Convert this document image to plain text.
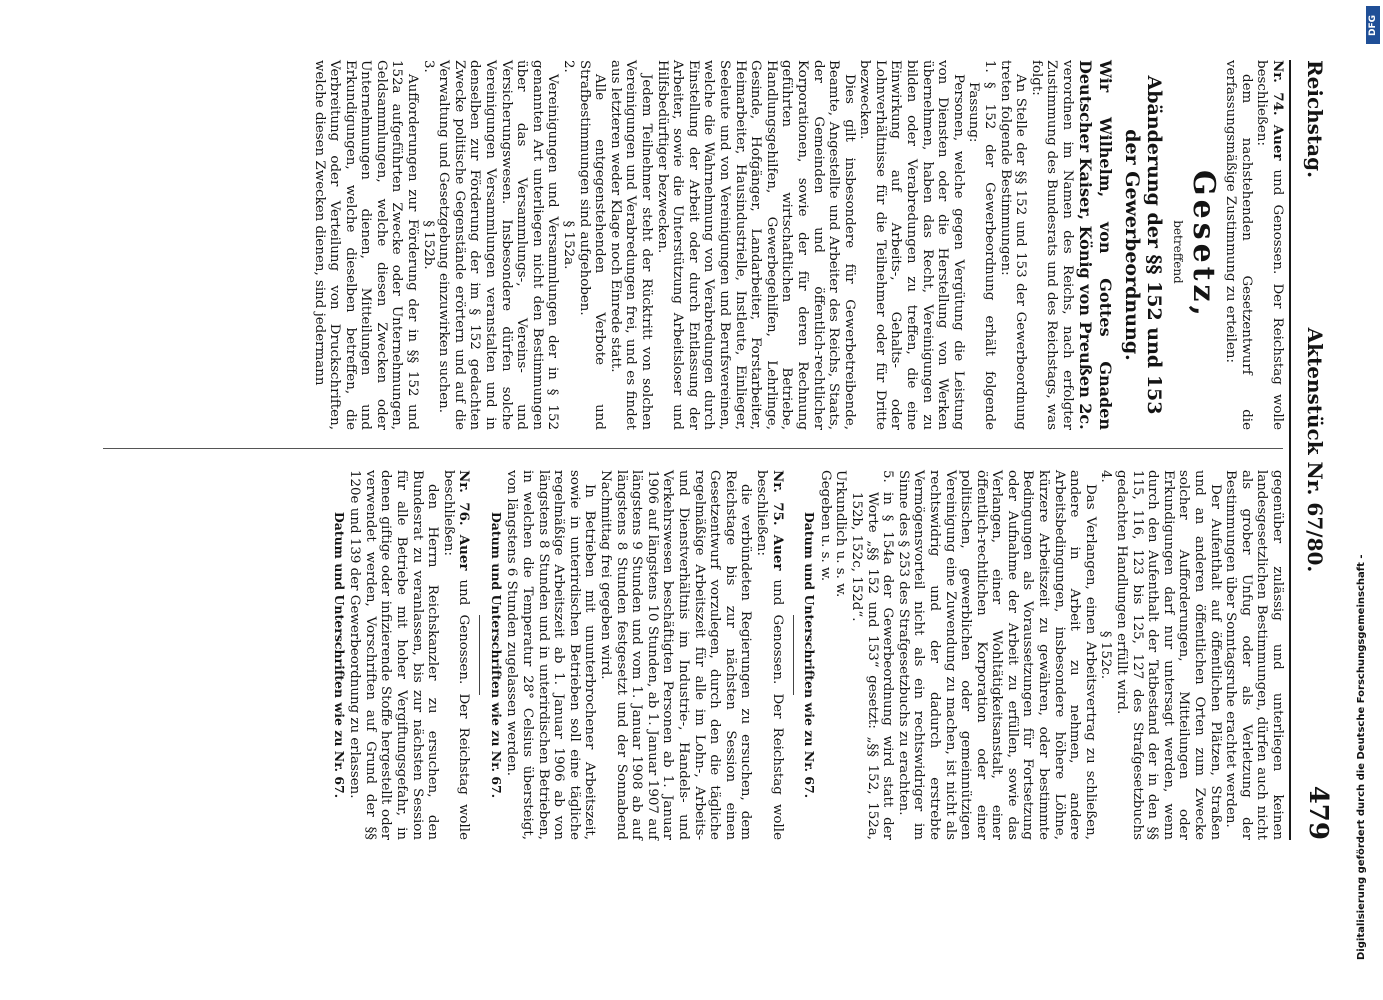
Reichstag.
Aktenstück Nr. 67/80.
479

Nr. 74. Auer und Genossen. Der Reichstag wolle beschließen:

dem nachstehenden Gesetzentwurf die verfassungsmäßige Zustimmung zu erteilen:

Gesetz,

betreffend

Abänderung der §§ 152 und 153 der Gewerbeordnung.

Wir Wilhelm, von Gottes Gnaden Deutscher Kaiser, König von Preußen 2c.

verordnen im Namen des Reichs, nach erfolgter Zustimmung des Bundesrats und des Reichstags, was folgt:

An Stelle der §§ 152 und 153 der Gewerbeordnung treten folgende Bestimmungen:

1.
§ 152 der Gewerbeordnung erhält folgende Fassung:

Personen, welche gegen Vergütung die Leistung von Diensten oder die Herstellung von Werken übernehmen, haben das Recht, Vereinigungen zu bilden oder Verabredungen zu treffen, die eine Einwirkung auf Arbeits-, Gehalts- oder Lohnverhältnisse für die Teilnehmer oder für Dritte bezwecken.

Dies gilt insbesondere für Gewerbetreibende, Beamte, Angestellte und Arbeiter des Reichs, Staats, der Gemeinden und öffentlich-rechtlicher Korporationen, sowie der für deren Rechnung geführten wirtschaftlichen Betriebe, Handlungsgehilfen, Gewerbegehilfen, Lehrlinge, Gesinde, Hofgänger, Landarbeiter, Forstarbeiter, Heimarbeiter, Hausindustrielle, Instleute, Einlieger, Seeleute und von Vereinigungen und Berufsvereinen, welche die Wahrnehmung von Verabredungen durch Einstellung der Arbeit oder durch Entlassung der Arbeiter, sowie die Unterstützung Arbeitsloser und Hilfsbedürftiger bezwecken.

Jedem Teilnehmer steht der Rücktritt von solchen Vereinigungen und Verabredungen frei, und es findet aus letzteren weder Klage noch Einrede statt.

Alle entgegenstehenden Verbote und Strafbestimmungen sind aufgehoben.

2.

§ 152a.

Vereinigungen und Versammlungen der in § 152 genannten Art unterliegen nicht den Bestimmungen über das Versammlungs-, Vereins- und Versicherungswesen. Insbesondere dürfen solche Vereinigungen Versammlungen veranstalten und in denselben zur Förderung der im § 152 gedachten Zwecke politische Gegenstände erörtern und auf die Verwaltung und Gesetzgebung einzuwirken suchen.

3.

§ 152b.

Aufforderungen zur Förderung der in §§ 152 und 152a aufgeführten Zwecke oder Unternehmungen, Geldsammlungen, welche diesen Zwecken oder Unternehmungen dienen, Mitteilungen und Erkundigungen, welche dieselben betreffen, die Verbreitung oder Verteilung von Druckschriften, welche diesen Zwecken dienen, sind jedermann

gegenüber zulässig und unterliegen keinen landesgesetzlichen Bestimmungen, dürfen auch nicht als grober Unfug oder als Verletzung der Bestimmungen über Sonntagsruhe erachtet werden.

Der Aufenthalt auf öffentlichen Plätzen, Straßen und an anderen öffentlichen Orten zum Zwecke solcher Aufforderungen, Mitteilungen oder Erkundigungen darf nur untersagt werden, wenn durch den Aufenthalt der Tatbestand der in den §§ 115, 116, 123 bis 125, 127 des Strafgesetzbuchs gedachten Handlungen erfüllt wird.

4.

§ 152c.

Das Verlangen, einen Arbeitsvertrag zu schließen, andere in Arbeit zu nehmen, andere Arbeitsbedingungen, insbesondere höhere Löhne, kürzere Arbeitszeit zu gewähren, oder bestimmte Bedingungen als Voraussetzungen für Fortsetzung oder Aufnahme der Arbeit zu erfüllen, sowie das Verlangen, einer Wohltätigkeitsanstalt, einer öffentlich-rechtlichen Korporation oder einer politischen, gewerblichen oder gemeinnützigen Vereinigung eine Zuwendung zu machen, ist nicht als rechtswidrig und der dadurch erstrebte Vermögensvorteil nicht als ein rechtswidriger im Sinne des § 253 des Strafgesetzbuchs zu erachten.

5.
in § 154a der Gewerbeordnung wird statt der Worte „§§ 152 und 153“ gesetzt: „§§ 152, 152a, 152b, 152c, 152d“.

Urkundlich u. s. w.

Gegeben u. s. w.

Datum und Unterschriften wie zu Nr. 67.

Nr. 75. Auer und Genossen. Der Reichstag wolle beschließen:

die verbündeten Regierungen zu ersuchen, dem Reichstage bis zur nächsten Session einen Gesetzentwurf vorzulegen, durch den die tägliche regelmäßige Arbeitszeit für alle im Lohn-, Arbeits- und Dienstverhältnis im Industrie-, Handels- und Verkehrswesen beschäftigten Personen ab 1. Januar 1906 auf längstens 10 Stunden, ab 1. Januar 1907 auf längstens 9 Stunden und vom 1. Januar 1908 ab auf längstens 8 Stunden festgesetzt und der Sonnabend Nachmittag frei gegeben wird.

In Betrieben mit ununterbrochener Arbeitszeit, sowie in unterirdischen Betrieben soll eine tägliche regelmäßige Arbeitszeit ab 1. Januar 1906 ab von längstens 8 Stunden und in unterirdischen Betrieben, in welchen die Temperatur 28° Celsius übersteigt, von längstens 6 Stunden zugelassen werden.

Datum und Unterschriften wie zu Nr. 67.

Nr. 76. Auer und Genossen. Der Reichstag wolle beschließen:

den Herrn Reichskanzler zu ersuchen, den Bundesrat zu veranlassen, bis zur nächsten Session für alle Betriebe mit hoher Vergiftungsgefahr, in denen giftige oder infizierende Stoffe hergestellt oder verwendet werden, Vorschriften auf Grund der §§ 120e und 139 der Gewerbeordnung zu erlassen.

Datum und Unterschriften wie zu Nr. 67.	Digitalisierung gefördert durch die Deutsche Forschungsgemeinschaft -
DFG
